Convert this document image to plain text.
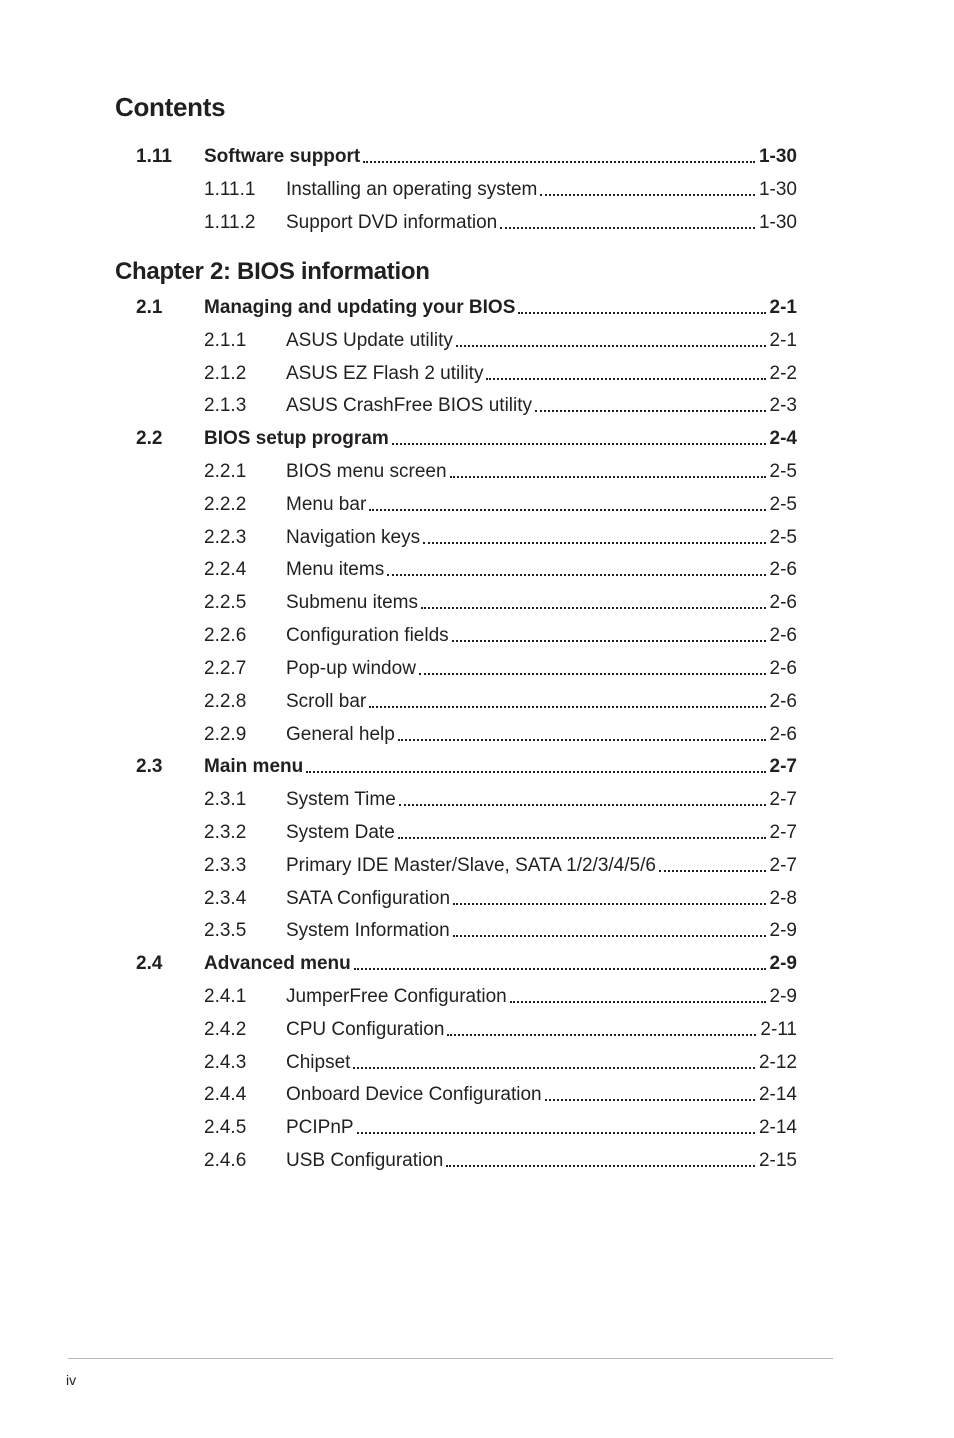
Contents
Chapter 2: BIOS information
1.11 Software support	1-30
1.11.1 Installing an operating system	1-30
1.11.2 Support DVD information	1-30
2.1 Managing and updating your BIOS	2-1
2.1.1 ASUS Update utility	2-1
2.1.2 ASUS EZ Flash 2 utility	2-2
2.1.3 ASUS CrashFree BIOS utility	2-3
2.2 BIOS setup program	2-4
2.2.1 BIOS menu screen	2-5
2.2.2 Menu bar	2-5
2.2.3 Navigation keys	2-5
2.2.4 Menu items	2-6
2.2.5 Submenu items	2-6
2.2.6 Configuration fields	2-6
2.2.7 Pop-up window	2-6
2.2.8 Scroll bar	2-6
2.2.9 General help	2-6
2.3 Main menu	2-7
2.3.1 System Time	2-7
2.3.2 System Date	2-7
2.3.3 Primary IDE Master/Slave, SATA 1/2/3/4/5/6	2-7
2.3.4 SATA Configuration	2-8
2.3.5 System Information	2-9
2.4 Advanced menu	2-9
2.4.1 JumperFree Configuration	2-9
2.4.2 CPU Configuration	2-11
2.4.3 Chipset	2-12
2.4.4 Onboard Device Configuration	2-14
2.4.5 PCIPnP	2-14
2.4.6 USB Configuration	2-15
iv
